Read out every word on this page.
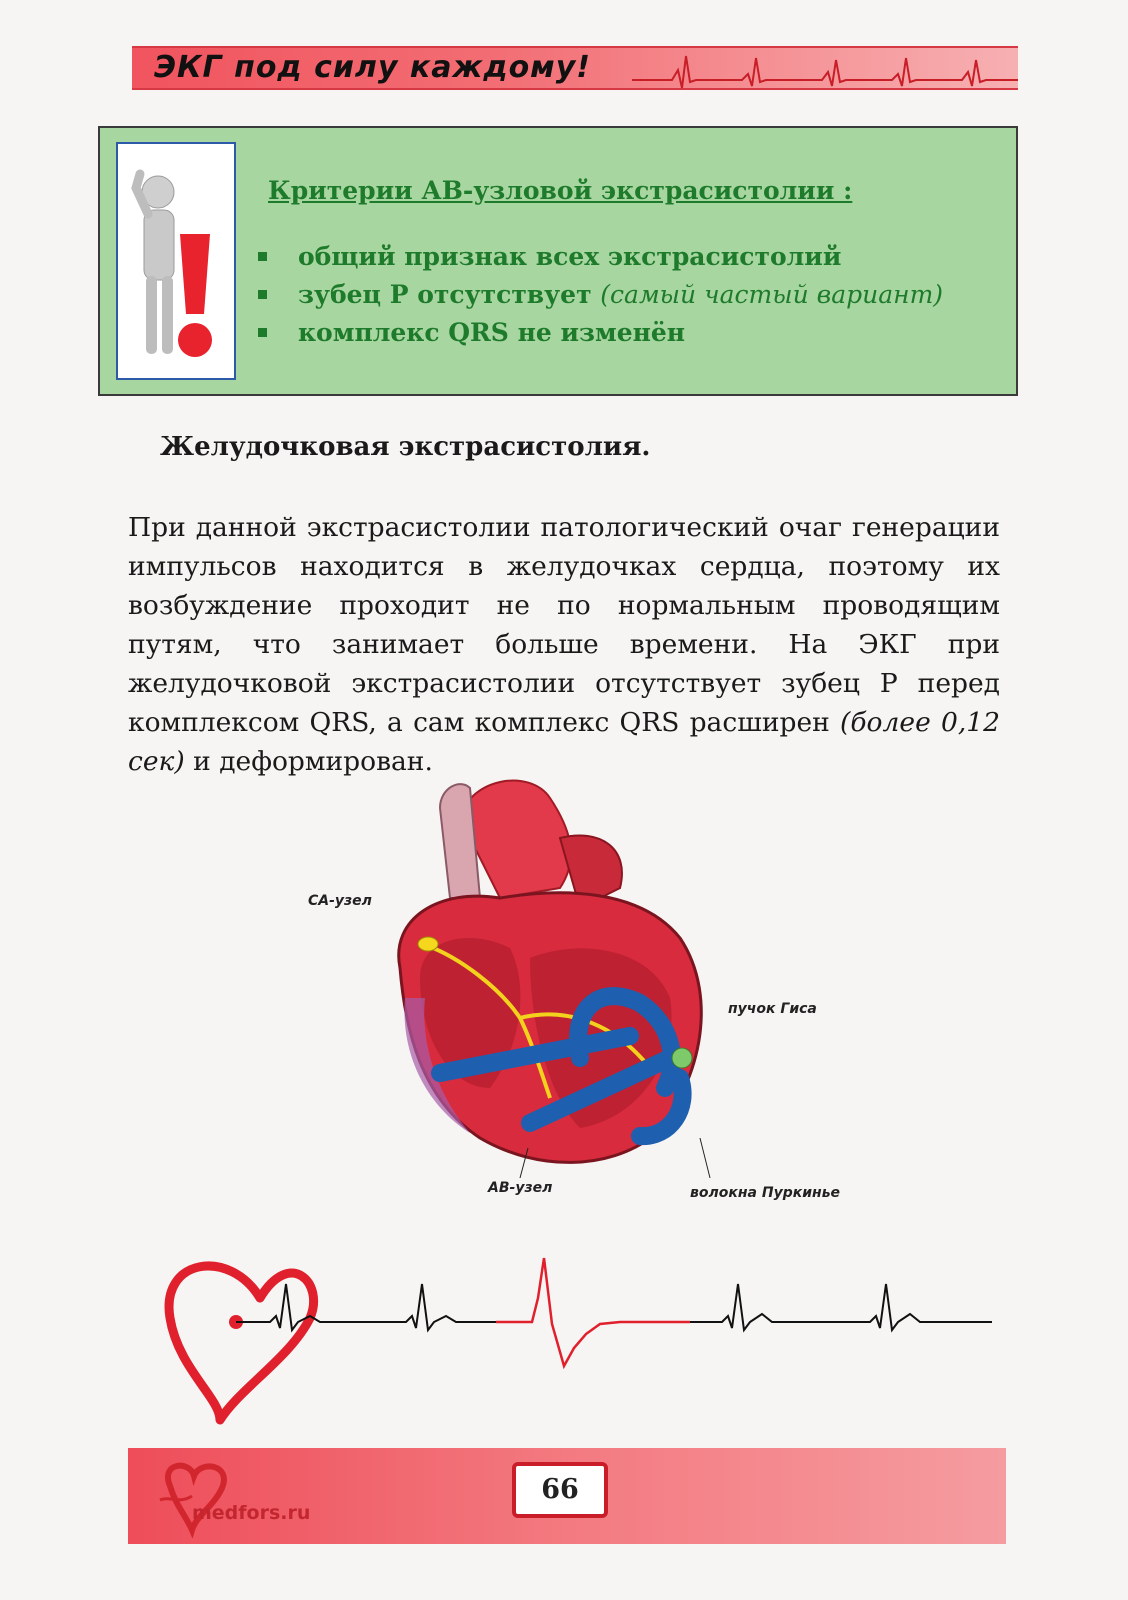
ЭКГ под силу каждому!
Критерии АВ-узловой экстрасистолии :
общий признак всех экстрасистолий
зубец Р отсутствует (самый частый вариант)
комплекс QRS не изменён
Желудочковая экстрасистолия.

При данной экстрасистолии патологический очаг генерации импульсов находится в желудочках сердца, поэтому их возбуждение проходит не по нормальным проводящим путям, что занимает больше времени. На ЭКГ при желудочковой экстрасистолии отсутствует зубец Р перед комплексом QRS, а сам комплекс QRS расширен (более 0,12 сек) и деформирован.

СА-узел
пучок Гиса
АВ-узел	волокна Пуркинье
medfors.ru
66
